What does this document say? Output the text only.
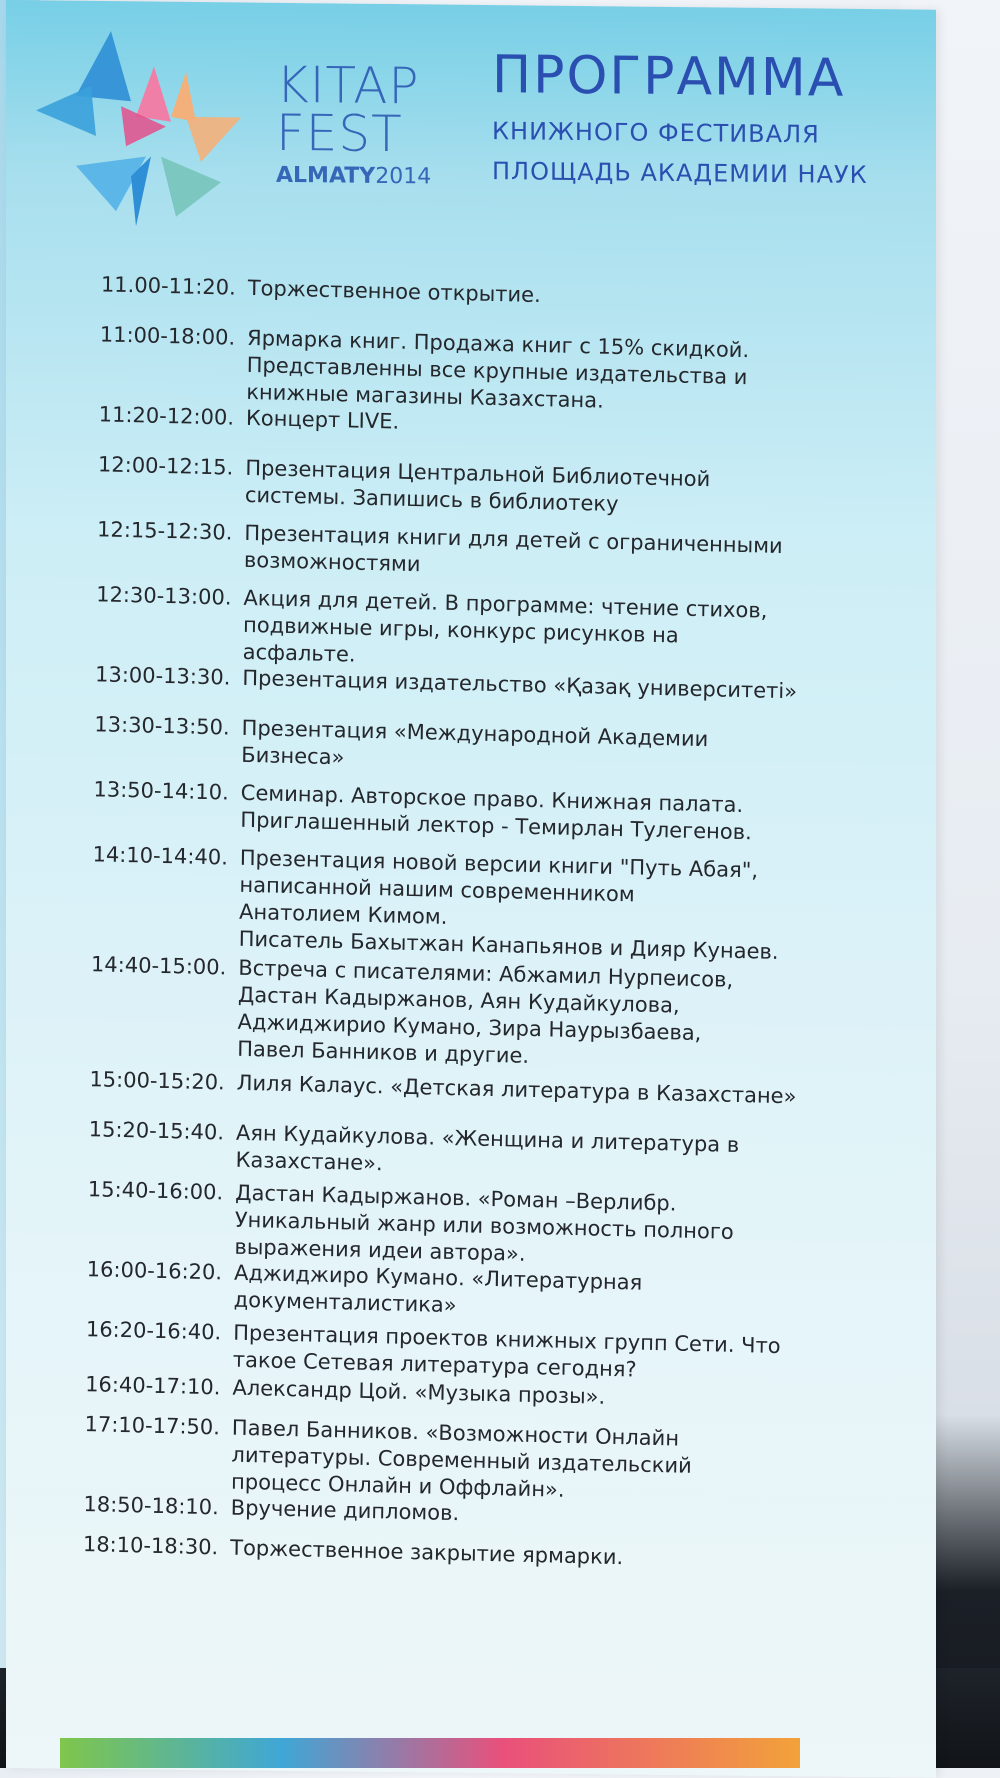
KITAP
FEST
ALMATY2014
ПРОГРАММА
КНИЖНОГО ФЕСТИВАЛЯ
ПЛОЩАДЬ АКАДЕМИИ НАУК
11.00-11:20. Торжественное открытие.
11:00-18:00. Ярмарка книг. Продажа книг с 15% скидкой.
Представленны все крупные издательства и
книжные магазины Казахстана.
11:20-12:00. Концерт LIVE.
12:00-12:15. Презентация Центральной Библиотечной
системы. Запишись в библиотеку
12:15-12:30. Презентация книги для детей с ограниченными
возможностями
12:30-13:00. Акция для детей. В программе: чтение стихов,
подвижные игры, конкурс рисунков на
асфальте.
13:00-13:30. Презентация издательство «Қазақ университеті»
13:30-13:50. Презентация «Международной Академии
Бизнеса»
13:50-14:10. Семинар. Авторское право. Книжная палата.
Приглашенный лектор - Темирлан Тулегенов.
14:10-14:40. Презентация новой версии книги "Путь Абая",
написанной нашим современником
Анатолием Кимом.
Писатель Бахытжан Канапьянов и Дияр Кунаев.
14:40-15:00. Встреча с писателями: Абжамил Нурпеисов,
Дастан Кадыржанов, Аян Кудайкулова,
Аджиджирио Кумано, Зира Наурызбаева,
Павел Банников и другие.
15:00-15:20. Лиля Калаус. «Детская литература в Казахстане»
15:20-15:40. Аян Кудайкулова. «Женщина и литература в
Казахстане».
15:40-16:00. Дастан Кадыржанов. «Роман –Верлибр.
Уникальный жанр или возможность полного
выражения идеи автора».
16:00-16:20. Аджиджиро Кумано. «Литературная
документалистика»
16:20-16:40. Презентация проектов книжных групп Сети. Что
такое Сетевая литература сегодня?
16:40-17:10. Александр Цой. «Музыка прозы».
17:10-17:50. Павел Банников. «Возможности Онлайн
литературы. Современный издательский
процесс Онлайн и Оффлайн».
18:50-18:10. Вручение дипломов.
18:10-18:30. Торжественное закрытие ярмарки.
